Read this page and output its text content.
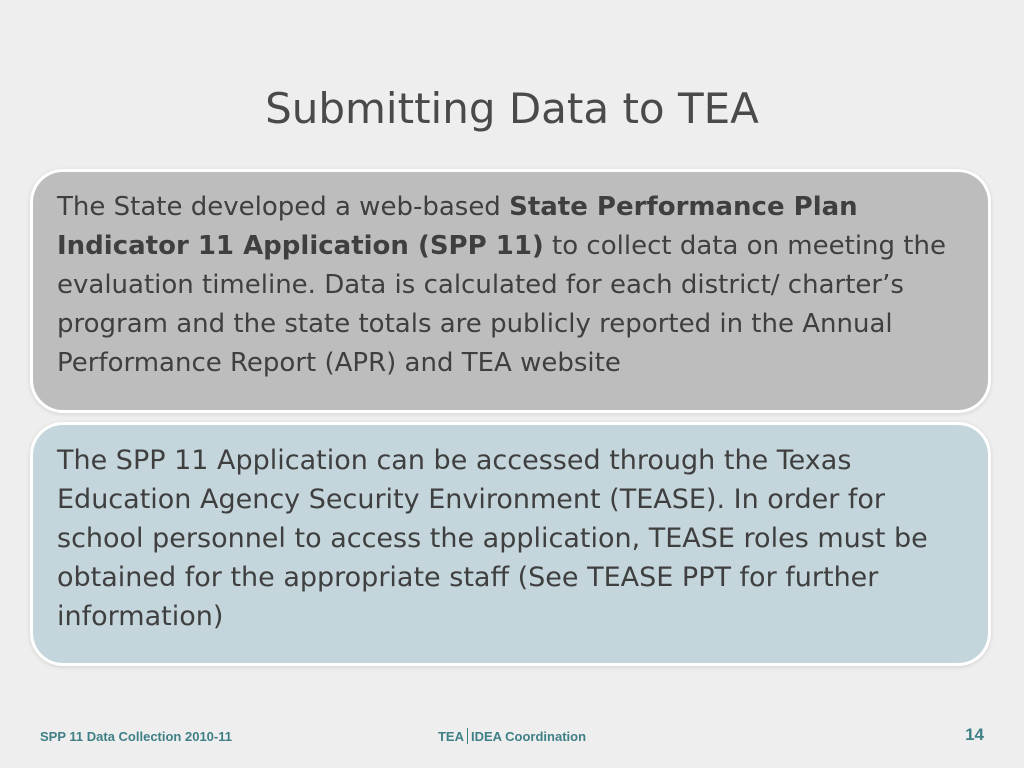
Submitting Data to TEA
The State developed a web-based State Performance Plan Indicator 11 Application (SPP 11) to collect data on meeting the evaluation timeline. Data is calculated for each district/ charter’s program and the state totals are publicly reported in the Annual Performance Report (APR) and TEA website
The SPP 11 Application can be accessed through the Texas Education Agency Security Environment (TEASE). In order for school personnel to access the application, TEASE roles must be obtained for the appropriate staff (See TEASE PPT for further information)
SPP 11 Data Collection 2010-11	TEA IDEA Coordination	14
